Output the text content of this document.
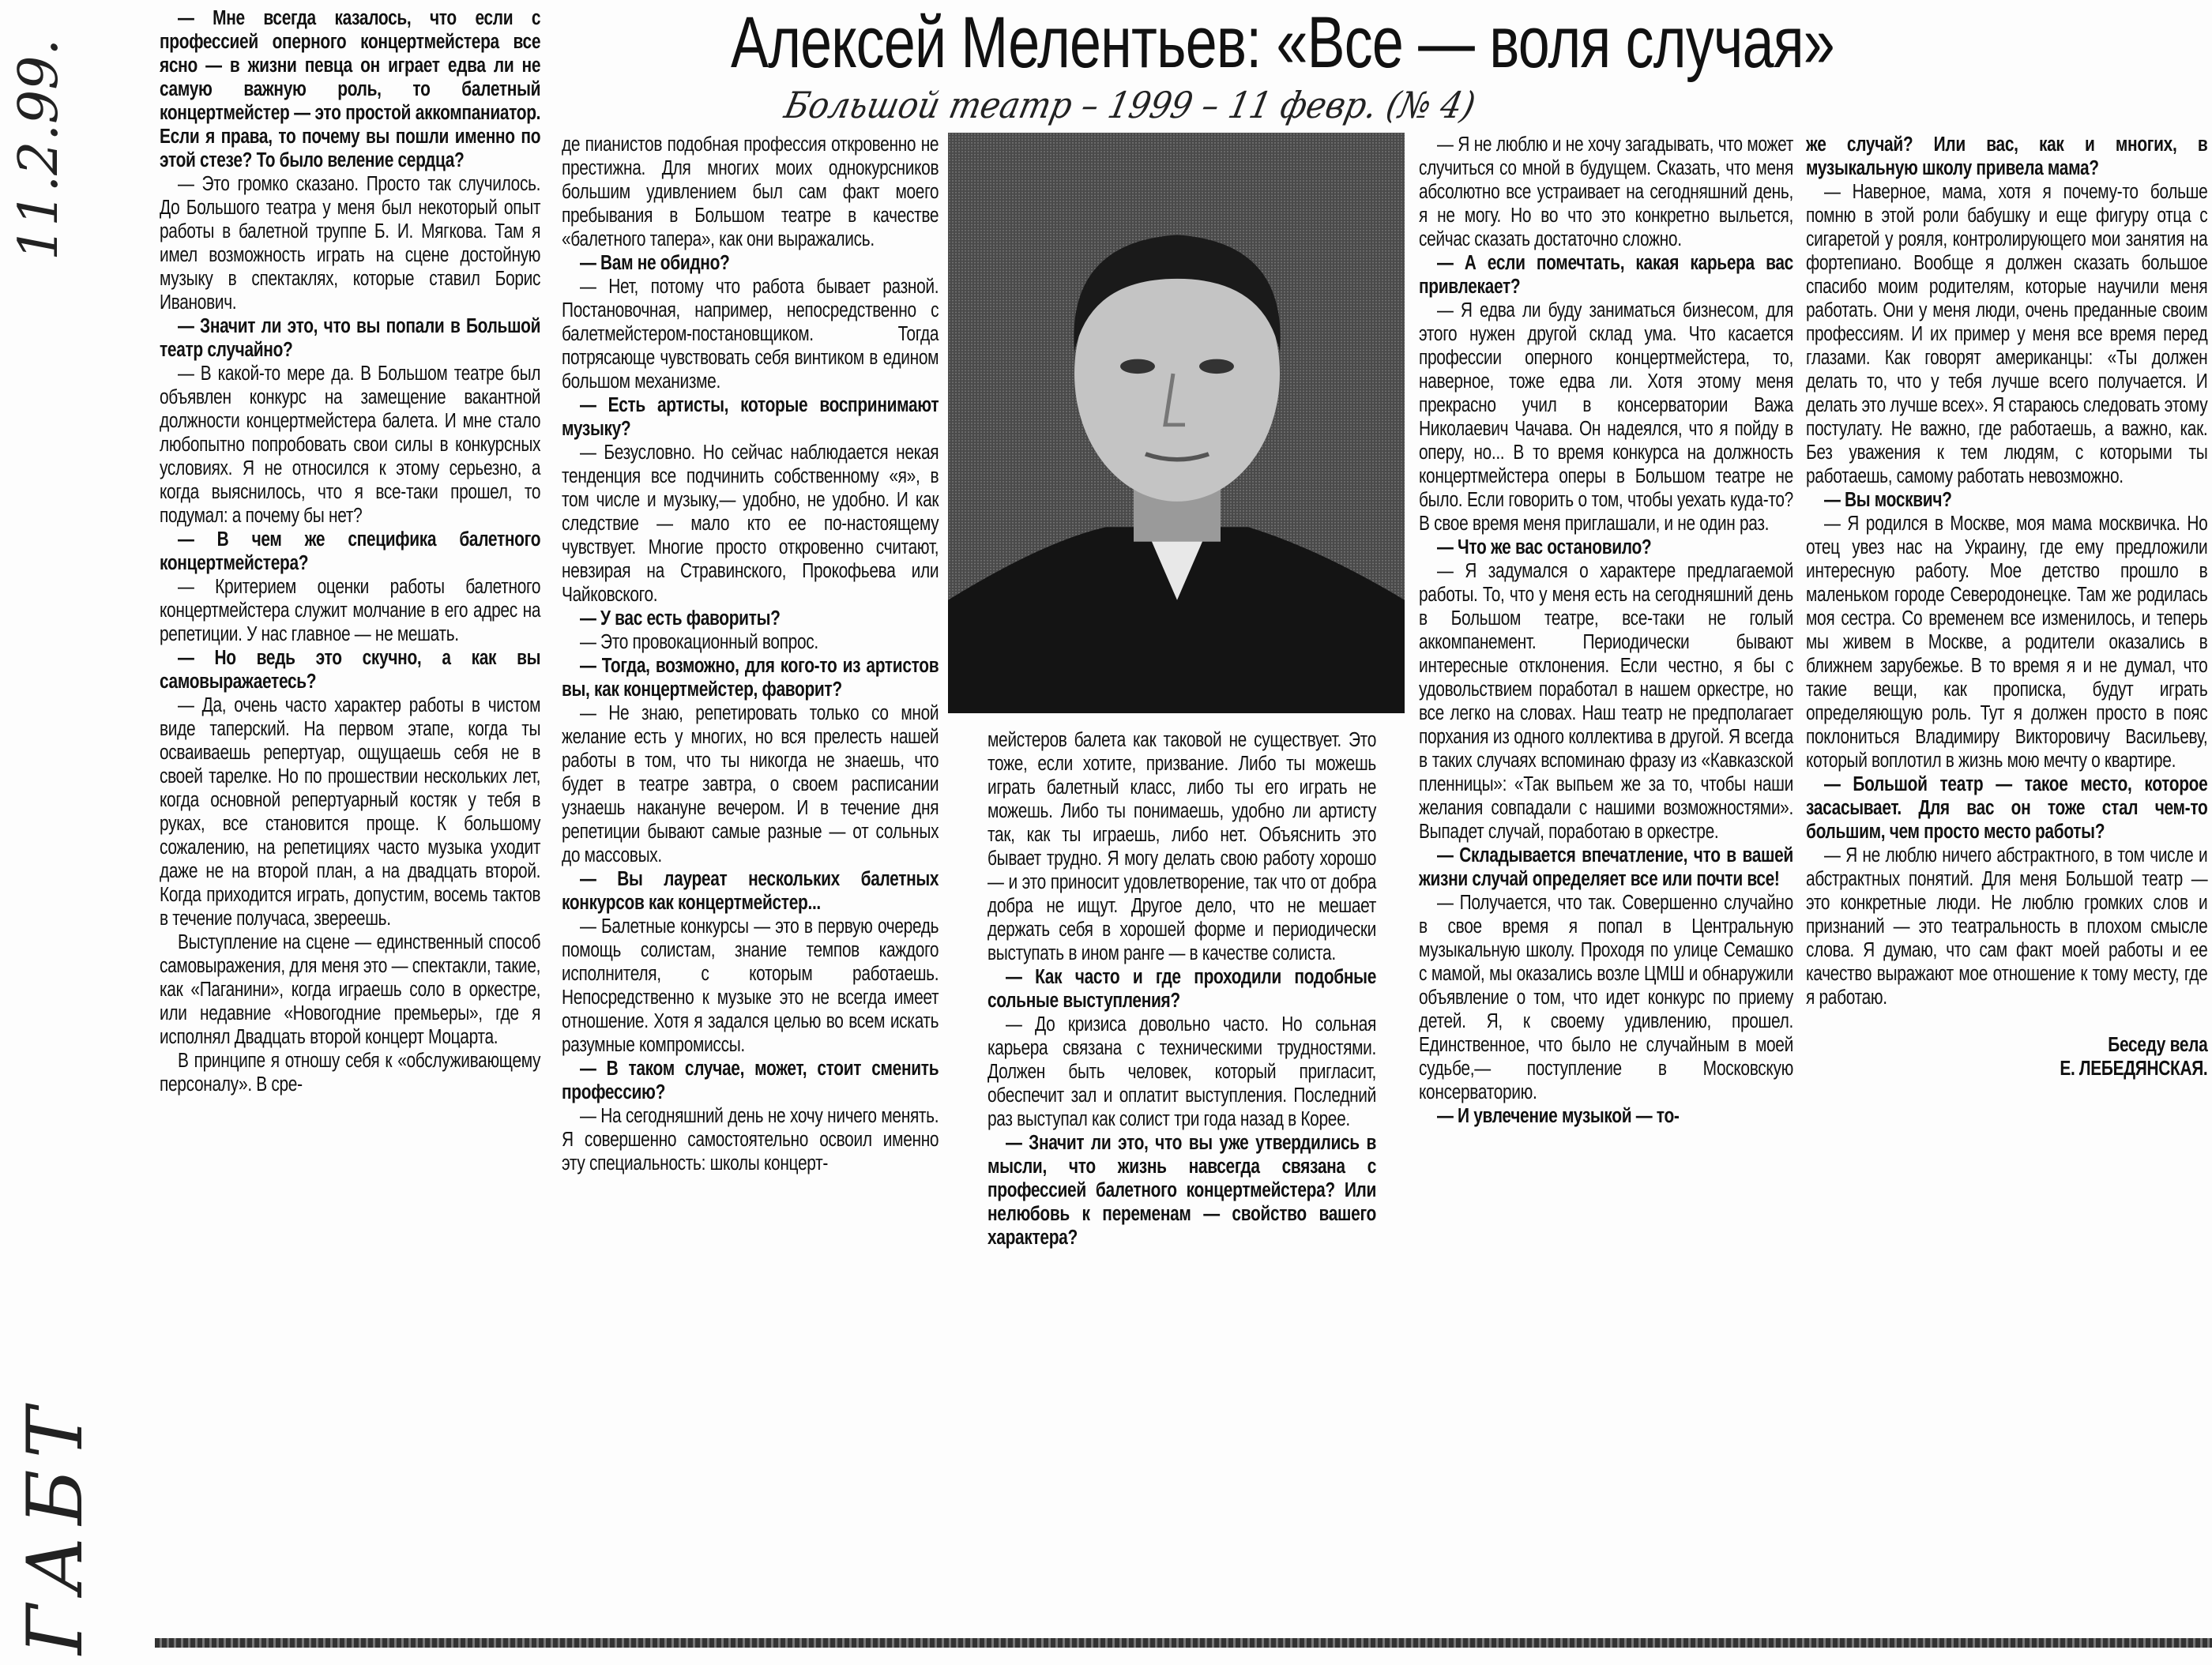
Алексей Мелентьев: «Все — воля случая»
Большой театр – 1999 – 11 февр. (№ 4)
11.2.99.
ГАБТ

— Мне всегда казалось, что если с профессией оперного концертмейстера все ясно — в жизни певца он играет едва ли не самую важную роль, то балетный концертмейстер — это простой аккомпаниатор. Если я права, то почему вы пошли именно по этой стезе? То было веление сердца?

— Это громко сказано. Просто так случилось. До Большого театра у меня был некоторый опыт работы в балетной труппе Б. И. Мягкова. Там я имел возможность играть на сцене достойную музыку в спектаклях, которые ставил Борис Иванович.

— Значит ли это, что вы попали в Большой театр случайно?

— В какой-то мере да. В Большом театре был объявлен конкурс на замещение вакантной должности концертмейстера балета. И мне стало любопытно попробовать свои силы в конкурсных условиях. Я не относился к этому серьезно, а когда выяснилось, что я все-таки прошел, то подумал: а почему бы нет?

— В чем же специфика балетного концертмейстера?

— Критерием оценки работы балетного концертмейстера служит молчание в его адрес на репетиции. У нас главное — не мешать.

— Но ведь это скучно, а как вы самовыражаетесь?

— Да, очень часто характер работы в чистом виде таперский. На первом этапе, когда ты осваиваешь репертуар, ощущаешь себя не в своей тарелке. Но по прошествии нескольких лет, когда основной репертуарный костяк у тебя в руках, все становится проще. К большому сожалению, на репетициях часто музыка уходит даже не на второй план, а на двадцать второй. Когда приходится играть, допустим, восемь тактов в течение получаса, звереешь.

Выступление на сцене — единственный способ самовыражения, для меня это — спектакли, такие, как «Паганини», когда играешь соло в оркестре, или недавние «Новогодние премьеры», где я исполнял Двадцать второй концерт Моцарта.

В принципе я отношу себя к «обслуживающему персоналу». В сре-

де пианистов подобная профессия откровенно не престижна. Для многих моих однокурсников большим удивлением был сам факт моего пребывания в Большом театре в качестве «балетного тапера», как они выражались.

— Вам не обидно?

— Нет, потому что работа бывает разной. Постановочная, например, непосредственно с балетмейстером-постановщиком. Тогда потрясающе чувствовать себя винтиком в едином большом механизме.

— Есть артисты, которые воспринимают музыку?

— Безусловно. Но сейчас наблюдается некая тенденция все подчинить собственному «я», в том числе и музыку,— удобно, не удобно. И как следствие — мало кто ее по-настоящему чувствует. Многие просто откровенно считают, невзирая на Стравинского, Прокофьева или Чайковского.

— У вас есть фавориты?

— Это провокационный вопрос.

— Тогда, возможно, для кого-то из артистов вы, как концертмейстер, фаворит?

— Не знаю, репетировать только со мной желание есть у многих, но вся прелесть нашей работы в том, что ты никогда не знаешь, что будет в театре завтра, о своем расписании узнаешь накануне вечером. И в течение дня репетиции бывают самые разные — от сольных до массовых.

— Вы лауреат нескольких балетных конкурсов как концертмейстер...

— Балетные конкурсы — это в первую очередь помощь солистам, знание темпов каждого исполнителя, с которым работаешь. Непосредственно к музыке это не всегда имеет отношение. Хотя я задался целью во всем искать разумные компромиссы.

— В таком случае, может, стоит сменить профессию?

— На сегодняшний день не хочу ничего менять. Я совершенно самостоятельно освоил именно эту специальность: школы концерт-

мейстеров балета как таковой не существует. Это тоже, если хотите, призвание. Либо ты можешь играть балетный класс, либо ты его играть не можешь. Либо ты понимаешь, удобно ли артисту так, как ты играешь, либо нет. Объяснить это бывает трудно. Я могу делать свою работу хорошо — и это приносит удовлетворение, так что от добра добра не ищут. Другое дело, что не мешает держать себя в хорошей форме и периодически выступать в ином ранге — в качестве солиста.

— Как часто и где проходили подобные сольные выступления?

— До кризиса довольно часто. Но сольная карьера связана с техническими трудностями. Должен быть человек, который пригласит, обеспечит зал и оплатит выступления. Последний раз выступал как солист три года назад в Корее.

— Значит ли это, что вы уже утвердились в мысли, что жизнь навсегда связана с профессией балетного концертмейстера? Или нелюбовь к переменам — свойство вашего характера?

— Я не люблю и не хочу загадывать, что может случиться со мной в будущем. Сказать, что меня абсолютно все устраивает на сегодняшний день, я не могу. Но во что это конкретно выльется, сейчас сказать достаточно сложно.

— А если помечтать, какая карьера вас привлекает?

— Я едва ли буду заниматься бизнесом, для этого нужен другой склад ума. Что касается профессии оперного концертмейстера, то, наверное, тоже едва ли. Хотя этому меня прекрасно учил в консерватории Важа Николаевич Чачава. Он надеялся, что я пойду в оперу, но... В то время конкурса на должность концертмейстера оперы в Большом театре не было. Если говорить о том, чтобы уехать куда-то? В свое время меня приглашали, и не один раз.

— Что же вас остановило?

— Я задумался о характере предлагаемой работы. То, что у меня есть на сегодняшний день в Большом театре, все-таки не голый аккомпанемент. Периодически бывают интересные отклонения. Если честно, я бы с удовольствием поработал в нашем оркестре, но все легко на словах. Наш театр не предполагает порхания из одного коллектива в другой. Я всегда в таких случаях вспоминаю фразу из «Кавказской пленницы»: «Так выпьем же за то, чтобы наши желания совпадали с нашими возможностями». Выпадет случай, поработаю в оркестре.

— Складывается впечатление, что в вашей жизни случай определяет все или почти все!

— Получается, что так. Совершенно случайно в свое время я попал в Центральную музыкальную школу. Проходя по улице Семашко с мамой, мы оказались возле ЦМШ и обнаружили объявление о том, что идет конкурс по приему детей. Я, к своему удивлению, прошел. Единственное, что было не случайным в моей судьбе,— поступление в Московскую консерваторию.

— И увлечение музыкой — то-

же случай? Или вас, как и многих, в музыкальную школу привела мама?

— Наверное, мама, хотя я почему-то больше помню в этой роли бабушку и еще фигуру отца с сигаретой у рояля, контролирующего мои занятия на фортепиано. Вообще я должен сказать большое спасибо моим родителям, которые научили меня работать. Они у меня люди, очень преданные своим профессиям. И их пример у меня все время перед глазами. Как говорят американцы: «Ты должен делать то, что у тебя лучше всего получается. И делать это лучше всех». Я стараюсь следовать этому постулату. Не важно, где работаешь, а важно, как. Без уважения к тем людям, с которыми ты работаешь, самому работать невозможно.

— Вы москвич?

— Я родился в Москве, моя мама москвичка. Но отец увез нас на Украину, где ему предложили интересную работу. Мое детство прошло в маленьком городе Северодонецке. Там же родилась моя сестра. Со временем все изменилось, и теперь мы живем в Москве, а родители оказались в ближнем зарубежье. В то время я и не думал, что такие вещи, как прописка, будут играть определяющую роль. Тут я должен просто в пояс поклониться Владимиру Викторовичу Васильеву, который воплотил в жизнь мою мечту о квартире.

— Большой театр — такое место, которое засасывает. Для вас он тоже стал чем-то большим, чем просто место работы?

— Я не люблю ничего абстрактного, в том числе и абстрактных понятий. Для меня Большой театр — это конкретные люди. Не люблю громких слов и признаний — это театральность в плохом смысле слова. Я думаю, что сам факт моей работы и ее качество выражают мое отношение к тому месту, где я работаю.

Беседу вела

Е. ЛЕБЕДЯНСКАЯ.
